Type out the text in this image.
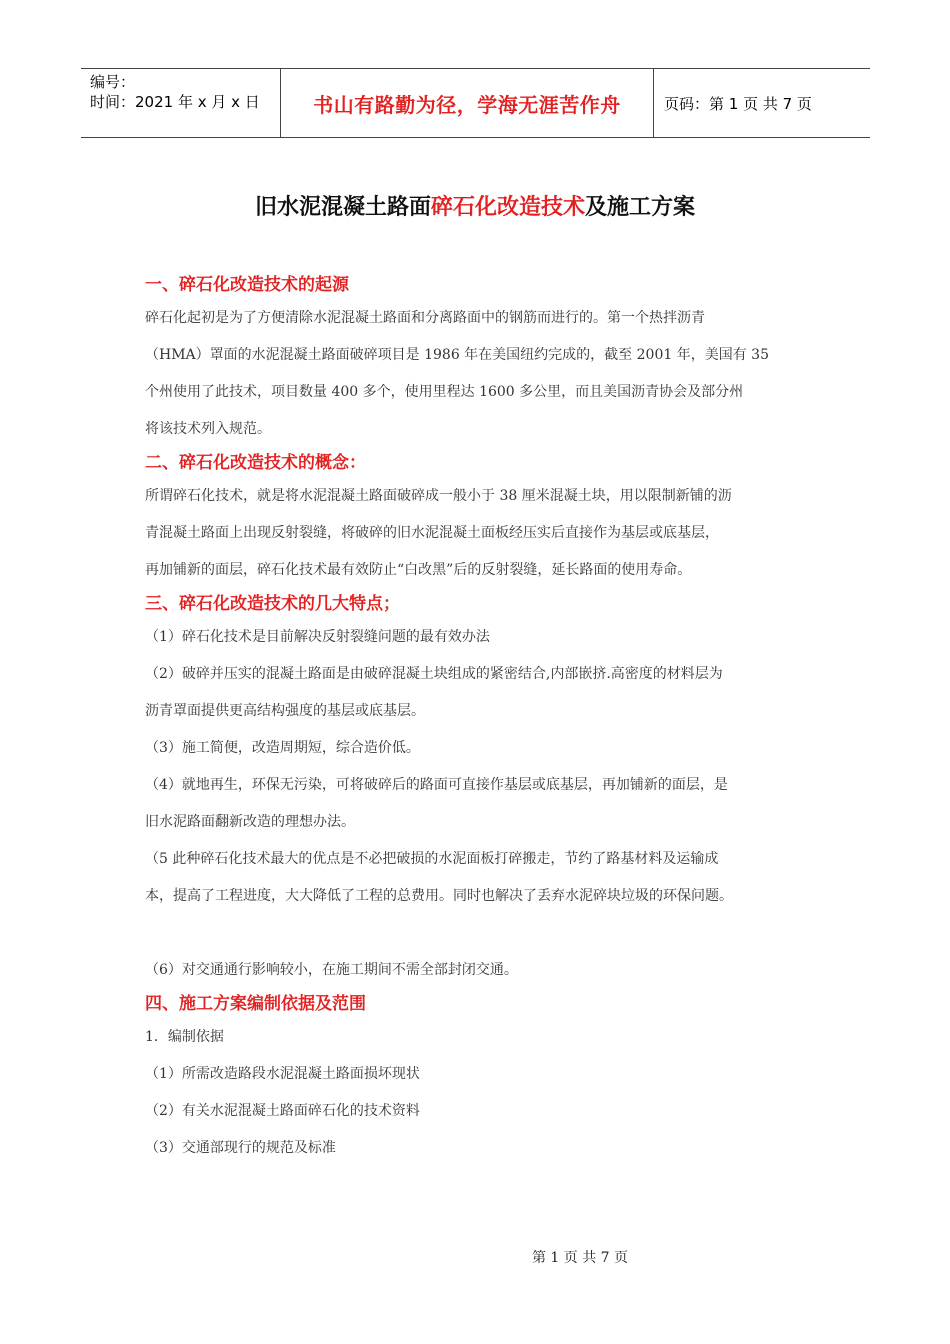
编号：
时间：2021 年 x 月 x 日	书山有路勤为径，学海无涯苦作舟	页码：第 1 页 共 7 页
旧水泥混凝土路面碎石化改造技术及施工方案
一、碎石化改造技术的起源

碎石化起初是为了方便清除水泥混凝土路面和分离路面中的钢筋而进行的。第一个热拌沥青

（HMA）罩面的水泥混凝土路面破碎项目是 1986 年在美国纽约完成的，截至 2001 年，美国有 35

个州使用了此技术，项目数量 400 多个，使用里程达 1600 多公里，而且美国沥青协会及部分州

将该技术列入规范。

二、碎石化改造技术的概念：

所谓碎石化技术，就是将水泥混凝土路面破碎成一般小于 38 厘米混凝土块，用以限制新铺的沥

青混凝土路面上出现反射裂缝，将破碎的旧水泥混凝土面板经压实后直接作为基层或底基层，

再加铺新的面层，碎石化技术最有效防止“白改黑”后的反射裂缝，延长路面的使用寿命。

三、碎石化改造技术的几大特点；

（1）碎石化技术是目前解决反射裂缝问题的最有效办法

（2）破碎并压实的混凝土路面是由破碎混凝土块组成的紧密结合,内部嵌挤.高密度的材料层为

沥青罩面提供更高结构强度的基层或底基层。

（3）施工简便，改造周期短，综合造价低。

（4）就地再生，环保无污染，可将破碎后的路面可直接作基层或底基层，再加铺新的面层，是

旧水泥路面翻新改造的理想办法。

（5 此种碎石化技术最大的优点是不必把破损的水泥面板打碎搬走，节约了路基材料及运输成

本，提高了工程进度，大大降低了工程的总费用。同时也解决了丢弃水泥碎块垃圾的环保问题。

（6）对交通通行影响较小，在施工期间不需全部封闭交通。

四、施工方案编制依据及范围

1．编制依据

（1）所需改造路段水泥混凝土路面损坏现状

（2）有关水泥混凝土路面碎石化的技术资料

（3）交通部现行的规范及标准

第 1 页 共 7 页
